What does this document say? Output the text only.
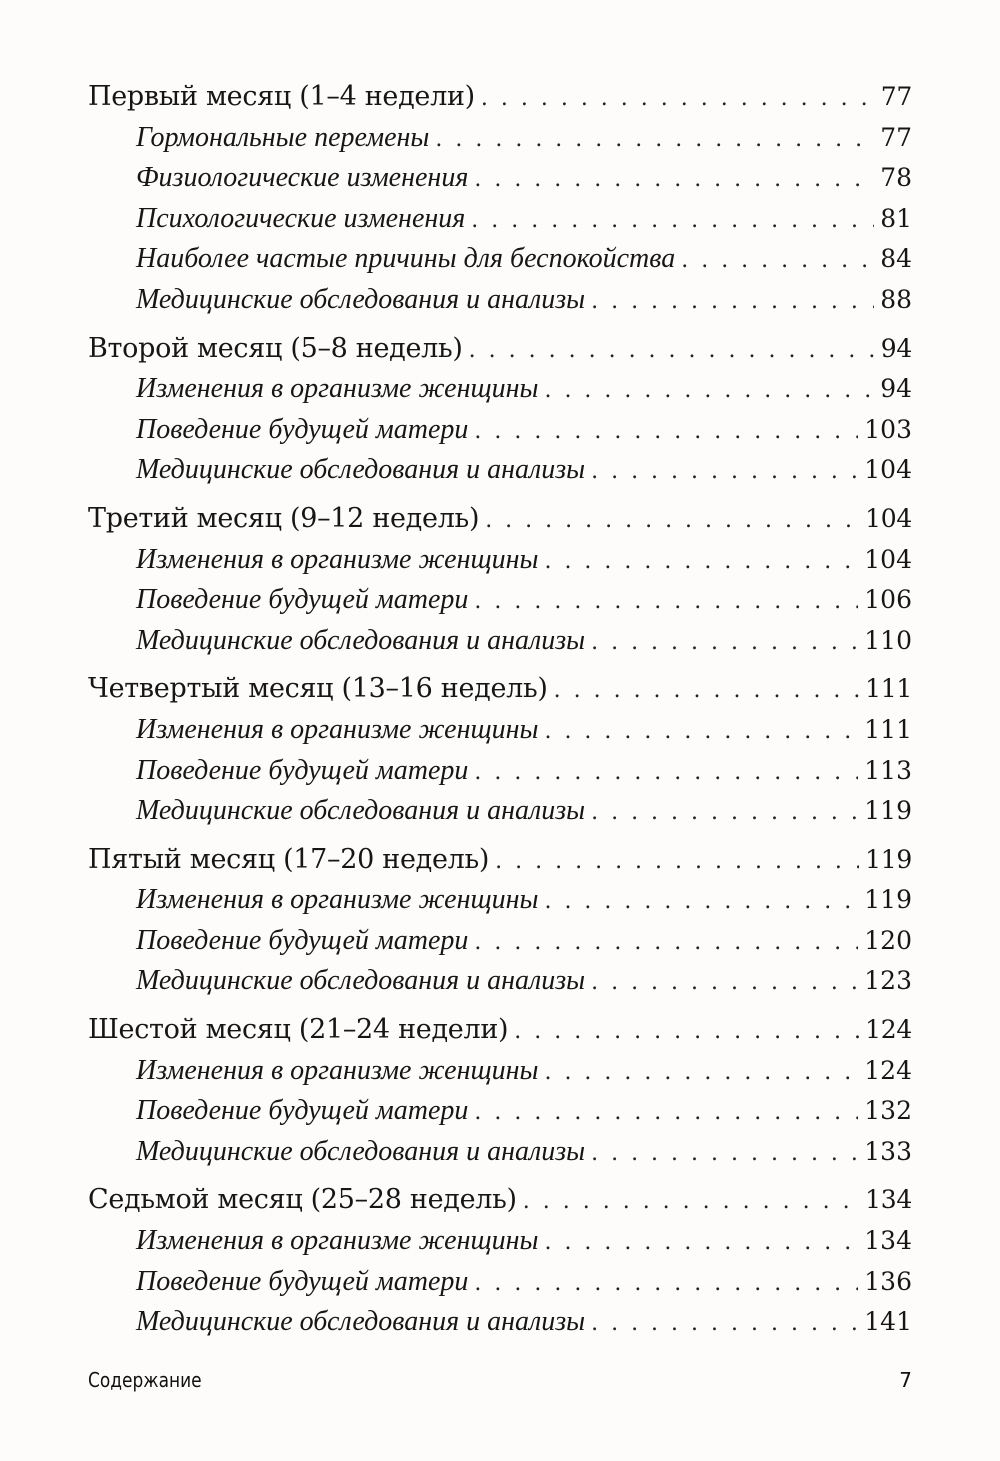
Первый месяц (1–4 недели) . . .	77
Гормональные перемены . . .	77
Физиологические изменения . . .	78
Психологические изменения . . .	81
Наиболее частые причины для беспокойства . . .	84
Медицинские обследования и анализы . . .	88
Второй месяц (5–8 недель) . . .	94
Изменения в организме женщины . . .	94
Поведение будущей матери . . .	103
Медицинские обследования и анализы . . .	104
Третий месяц (9–12 недель) . . .	104
Изменения в организме женщины . . .	104
Поведение будущей матери . . .	106
Медицинские обследования и анализы . . .	110
Четвертый месяц (13–16 недель) . . .	111
Изменения в организме женщины . . .	111
Поведение будущей матери . . .	113
Медицинские обследования и анализы . . .	119
Пятый месяц (17–20 недель) . . .	119
Изменения в организме женщины . . .	119
Поведение будущей матери . . .	120
Медицинские обследования и анализы . . .	123
Шестой месяц (21–24 недели) . . .	124
Изменения в организме женщины . . .	124
Поведение будущей матери . . .	132
Медицинские обследования и анализы . . .	133
Седьмой месяц (25–28 недель) . . .	134
Изменения в организме женщины . . .	134
Поведение будущей матери . . .	136
Медицинские обследования и анализы . . .	141
Содержание	7
